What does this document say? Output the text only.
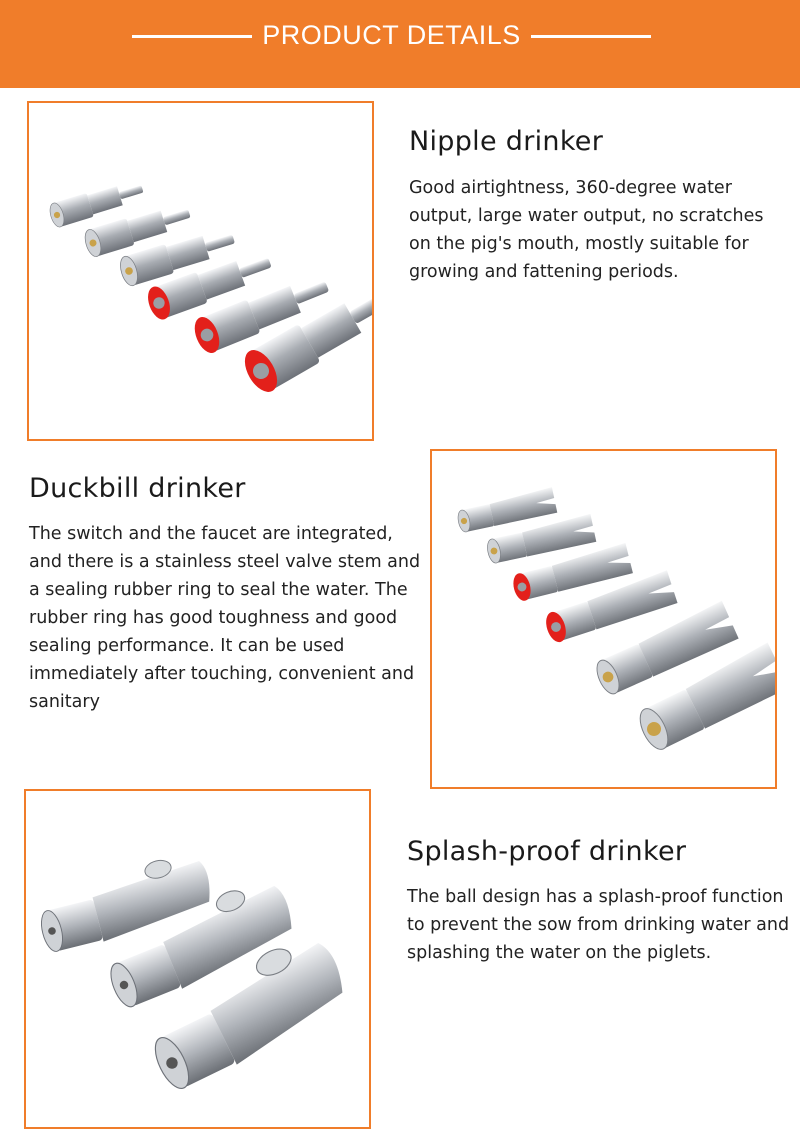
PRODUCT DETAILS
Nipple drinker
Good airtightness, 360-degree water output, large water output, no scratches on the pig's mouth, mostly suitable for growing and fattening periods.
Duckbill drinker
The switch and the faucet are integrated, and there is a stainless steel valve stem and a sealing rubber ring to seal the water. The rubber ring has good toughness and good sealing performance. It can be used immediately after touching, convenient and sanitary
Splash-proof drinker
The ball design has a splash-proof function to prevent the sow from drinking water and splashing the water on the piglets.
